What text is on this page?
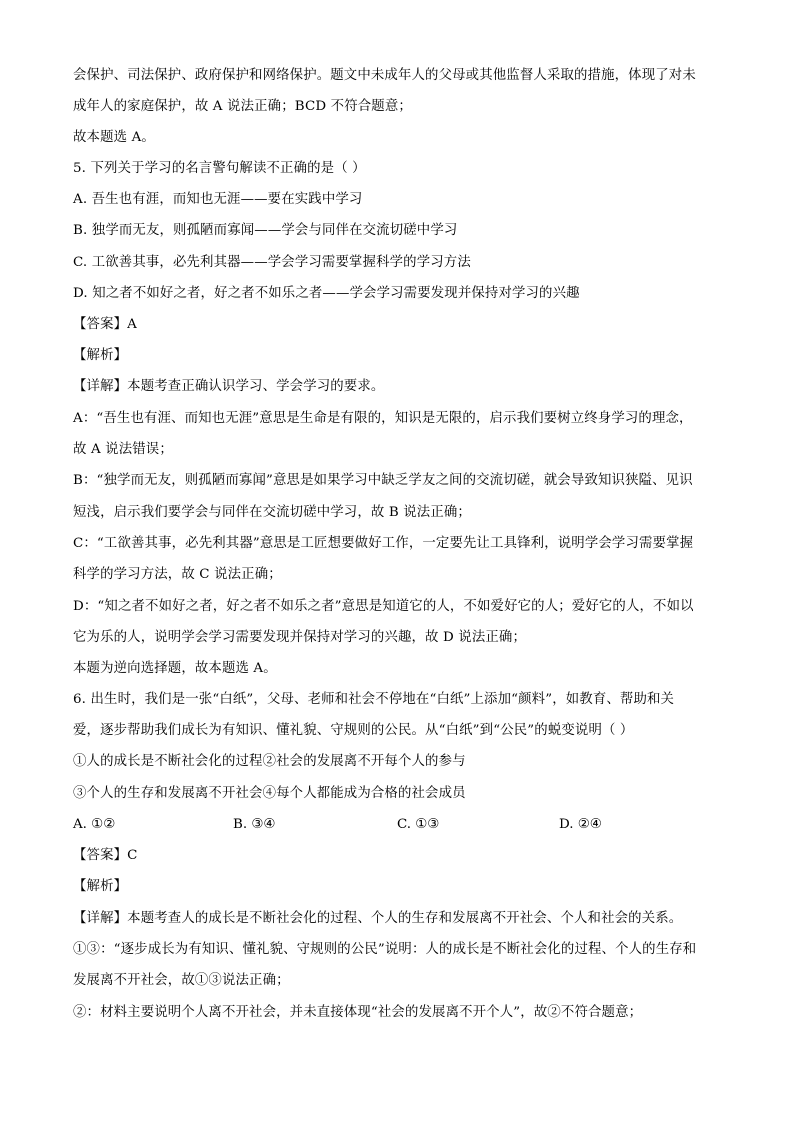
会保护、司法保护、政府保护和网络保护。题文中未成年人的父母或其他监督人采取的措施，体现了对未
成年人的家庭保护，故 A 说法正确；BCD 不符合题意；
故本题选 A。
5. 下列关于学习的名言警句解读不正确的是（ ）
A. 吾生也有涯，而知也无涯——要在实践中学习
B. 独学而无友，则孤陋而寡闻——学会与同伴在交流切磋中学习
C. 工欲善其事，必先利其器——学会学习需要掌握科学的学习方法
D. 知之者不如好之者，好之者不如乐之者——学会学习需要发现并保持对学习的兴趣
【答案】A
【解析】
【详解】本题考查正确认识学习、学会学习的要求。
A：“吾生也有涯、而知也无涯”意思是生命是有限的，知识是无限的，启示我们要树立终身学习的理念，
故 A 说法错误；
B：“独学而无友，则孤陋而寡闻”意思是如果学习中缺乏学友之间的交流切磋，就会导致知识狭隘、见识
短浅，启示我们要学会与同伴在交流切磋中学习，故 B 说法正确；
C：“工欲善其事，必先利其器”意思是工匠想要做好工作，一定要先让工具锋利，说明学会学习需要掌握
科学的学习方法，故 C 说法正确；
D：“知之者不如好之者，好之者不如乐之者”意思是知道它的人，不如爱好它的人；爱好它的人，不如以
它为乐的人，说明学会学习需要发现并保持对学习的兴趣，故 D 说法正确；
本题为逆向选择题，故本题选 A。
6. 出生时，我们是一张“白纸”，父母、老师和社会不停地在“白纸”上添加“颜料”，如教育、帮助和关
爱，逐步帮助我们成长为有知识、懂礼貌、守规则的公民。从“白纸”到“公民”的蜕变说明（ ）
①人的成长是不断社会化的过程②社会的发展离不开每个人的参与
③个人的生存和发展离不开社会④每个人都能成为合格的社会成员
A. ①②	B. ③④	C. ①③	D. ②④
【答案】C
【解析】
【详解】本题考查人的成长是不断社会化的过程、个人的生存和发展离不开社会、个人和社会的关系。
①③：“逐步成长为有知识、懂礼貌、守规则的公民”说明：人的成长是不断社会化的过程、个人的生存和
发展离不开社会，故①③说法正确；
②：材料主要说明个人离不开社会，并未直接体现“社会的发展离不开个人”，故②不符合题意；
